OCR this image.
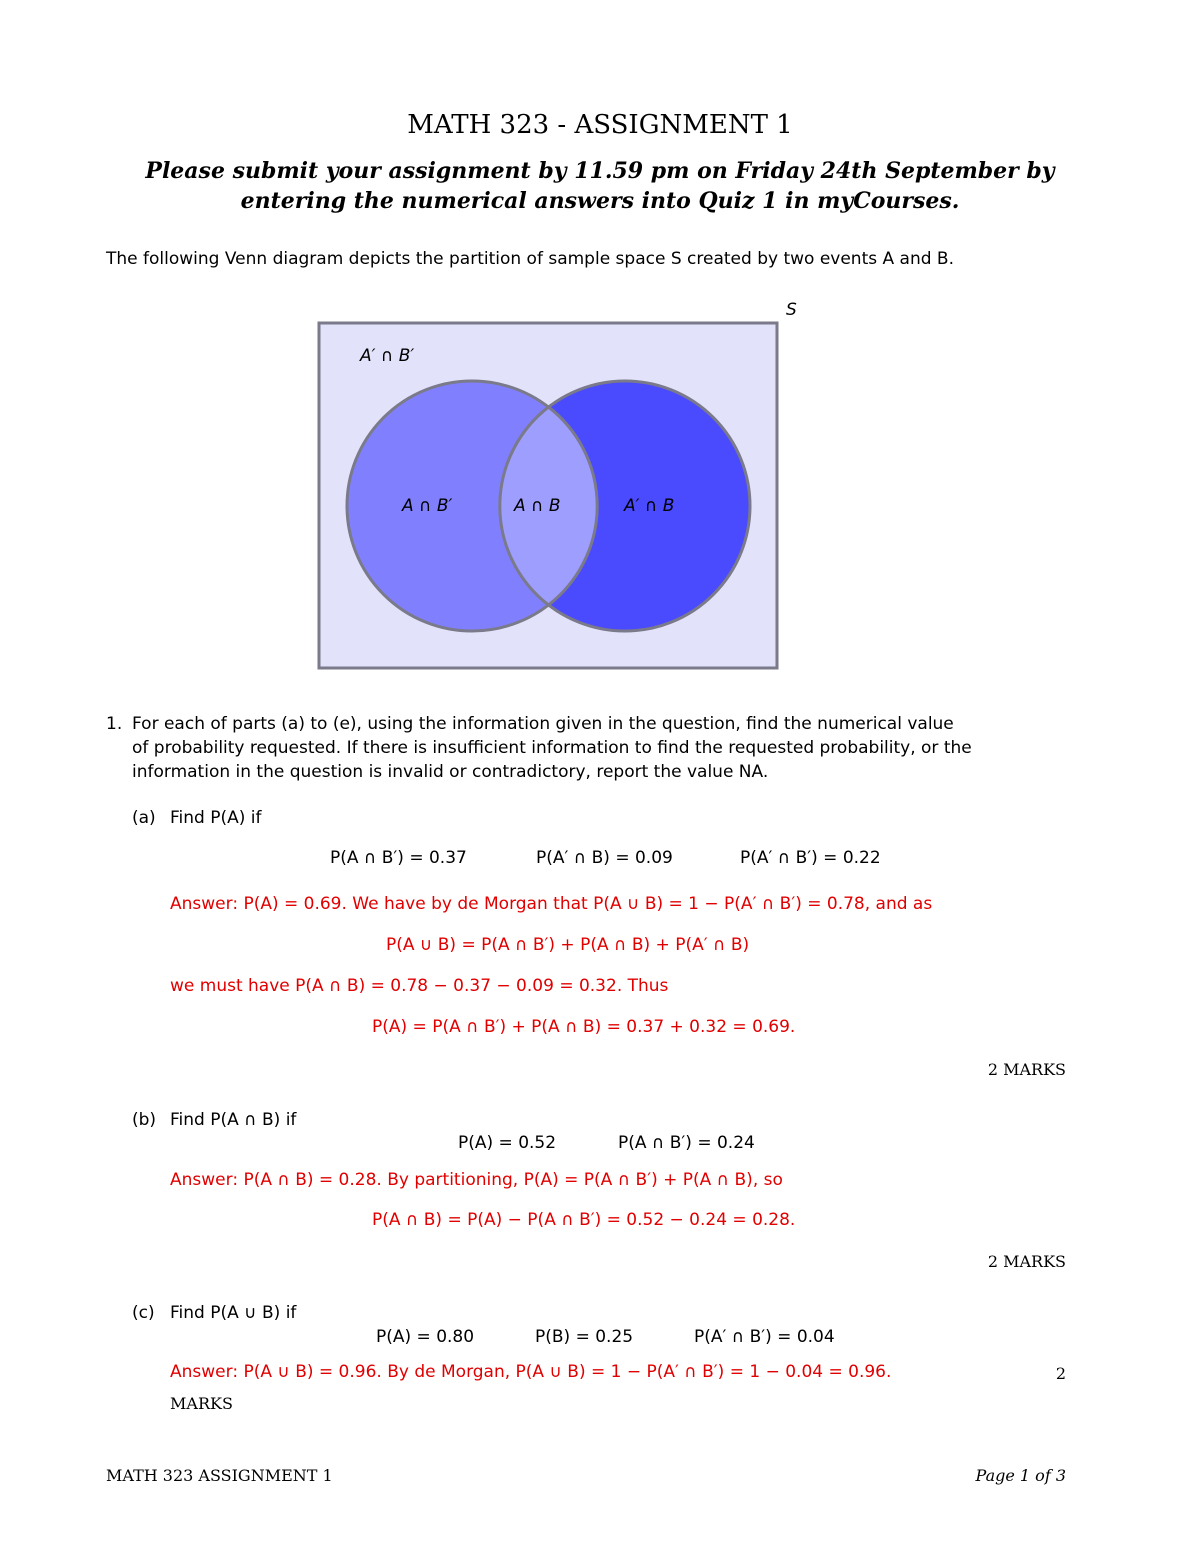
MATH 323 - ASSIGNMENT 1
Please submit your assignment by 11.59 pm on Friday 24th September by
entering the numerical answers into Quiz 1 in myCourses.
The following Venn diagram depicts the partition of sample space S created by two events A and B.
S
A′ ∩ B′
A ∩ B′	A ∩ B	A′ ∩ B
1. For each of parts (a) to (e), using the information given in the question, find the numerical value
of probability requested. If there is insufficient information to find the requested probability, or the
information in the question is invalid or contradictory, report the value NA.
(a) Find P(A) if
P(A ∩ B′) = 0.37	P(A′ ∩ B) = 0.09	P(A′ ∩ B′) = 0.22
Answer: P(A) = 0.69. We have by de Morgan that P(A ∪ B) = 1 − P(A′ ∩ B′) = 0.78, and as
P(A ∪ B) = P(A ∩ B′) + P(A ∩ B) + P(A′ ∩ B)
we must have P(A ∩ B) = 0.78 − 0.37 − 0.09 = 0.32. Thus
P(A) = P(A ∩ B′) + P(A ∩ B) = 0.37 + 0.32 = 0.69.
2 MARKS
(b) Find P(A ∩ B) if
P(A) = 0.52	P(A ∩ B′) = 0.24
Answer: P(A ∩ B) = 0.28. By partitioning, P(A) = P(A ∩ B′) + P(A ∩ B), so
P(A ∩ B) = P(A) − P(A ∩ B′) = 0.52 − 0.24 = 0.28.
2 MARKS
(c) Find P(A ∪ B) if
P(A) = 0.80	P(B) = 0.25	P(A′ ∩ B′) = 0.04
Answer: P(A ∪ B) = 0.96. By de Morgan, P(A ∪ B) = 1 − P(A′ ∩ B′) = 1 − 0.04 = 0.96.	2
MARKS
MATH 323 ASSIGNMENT 1	Page 1 of 3
